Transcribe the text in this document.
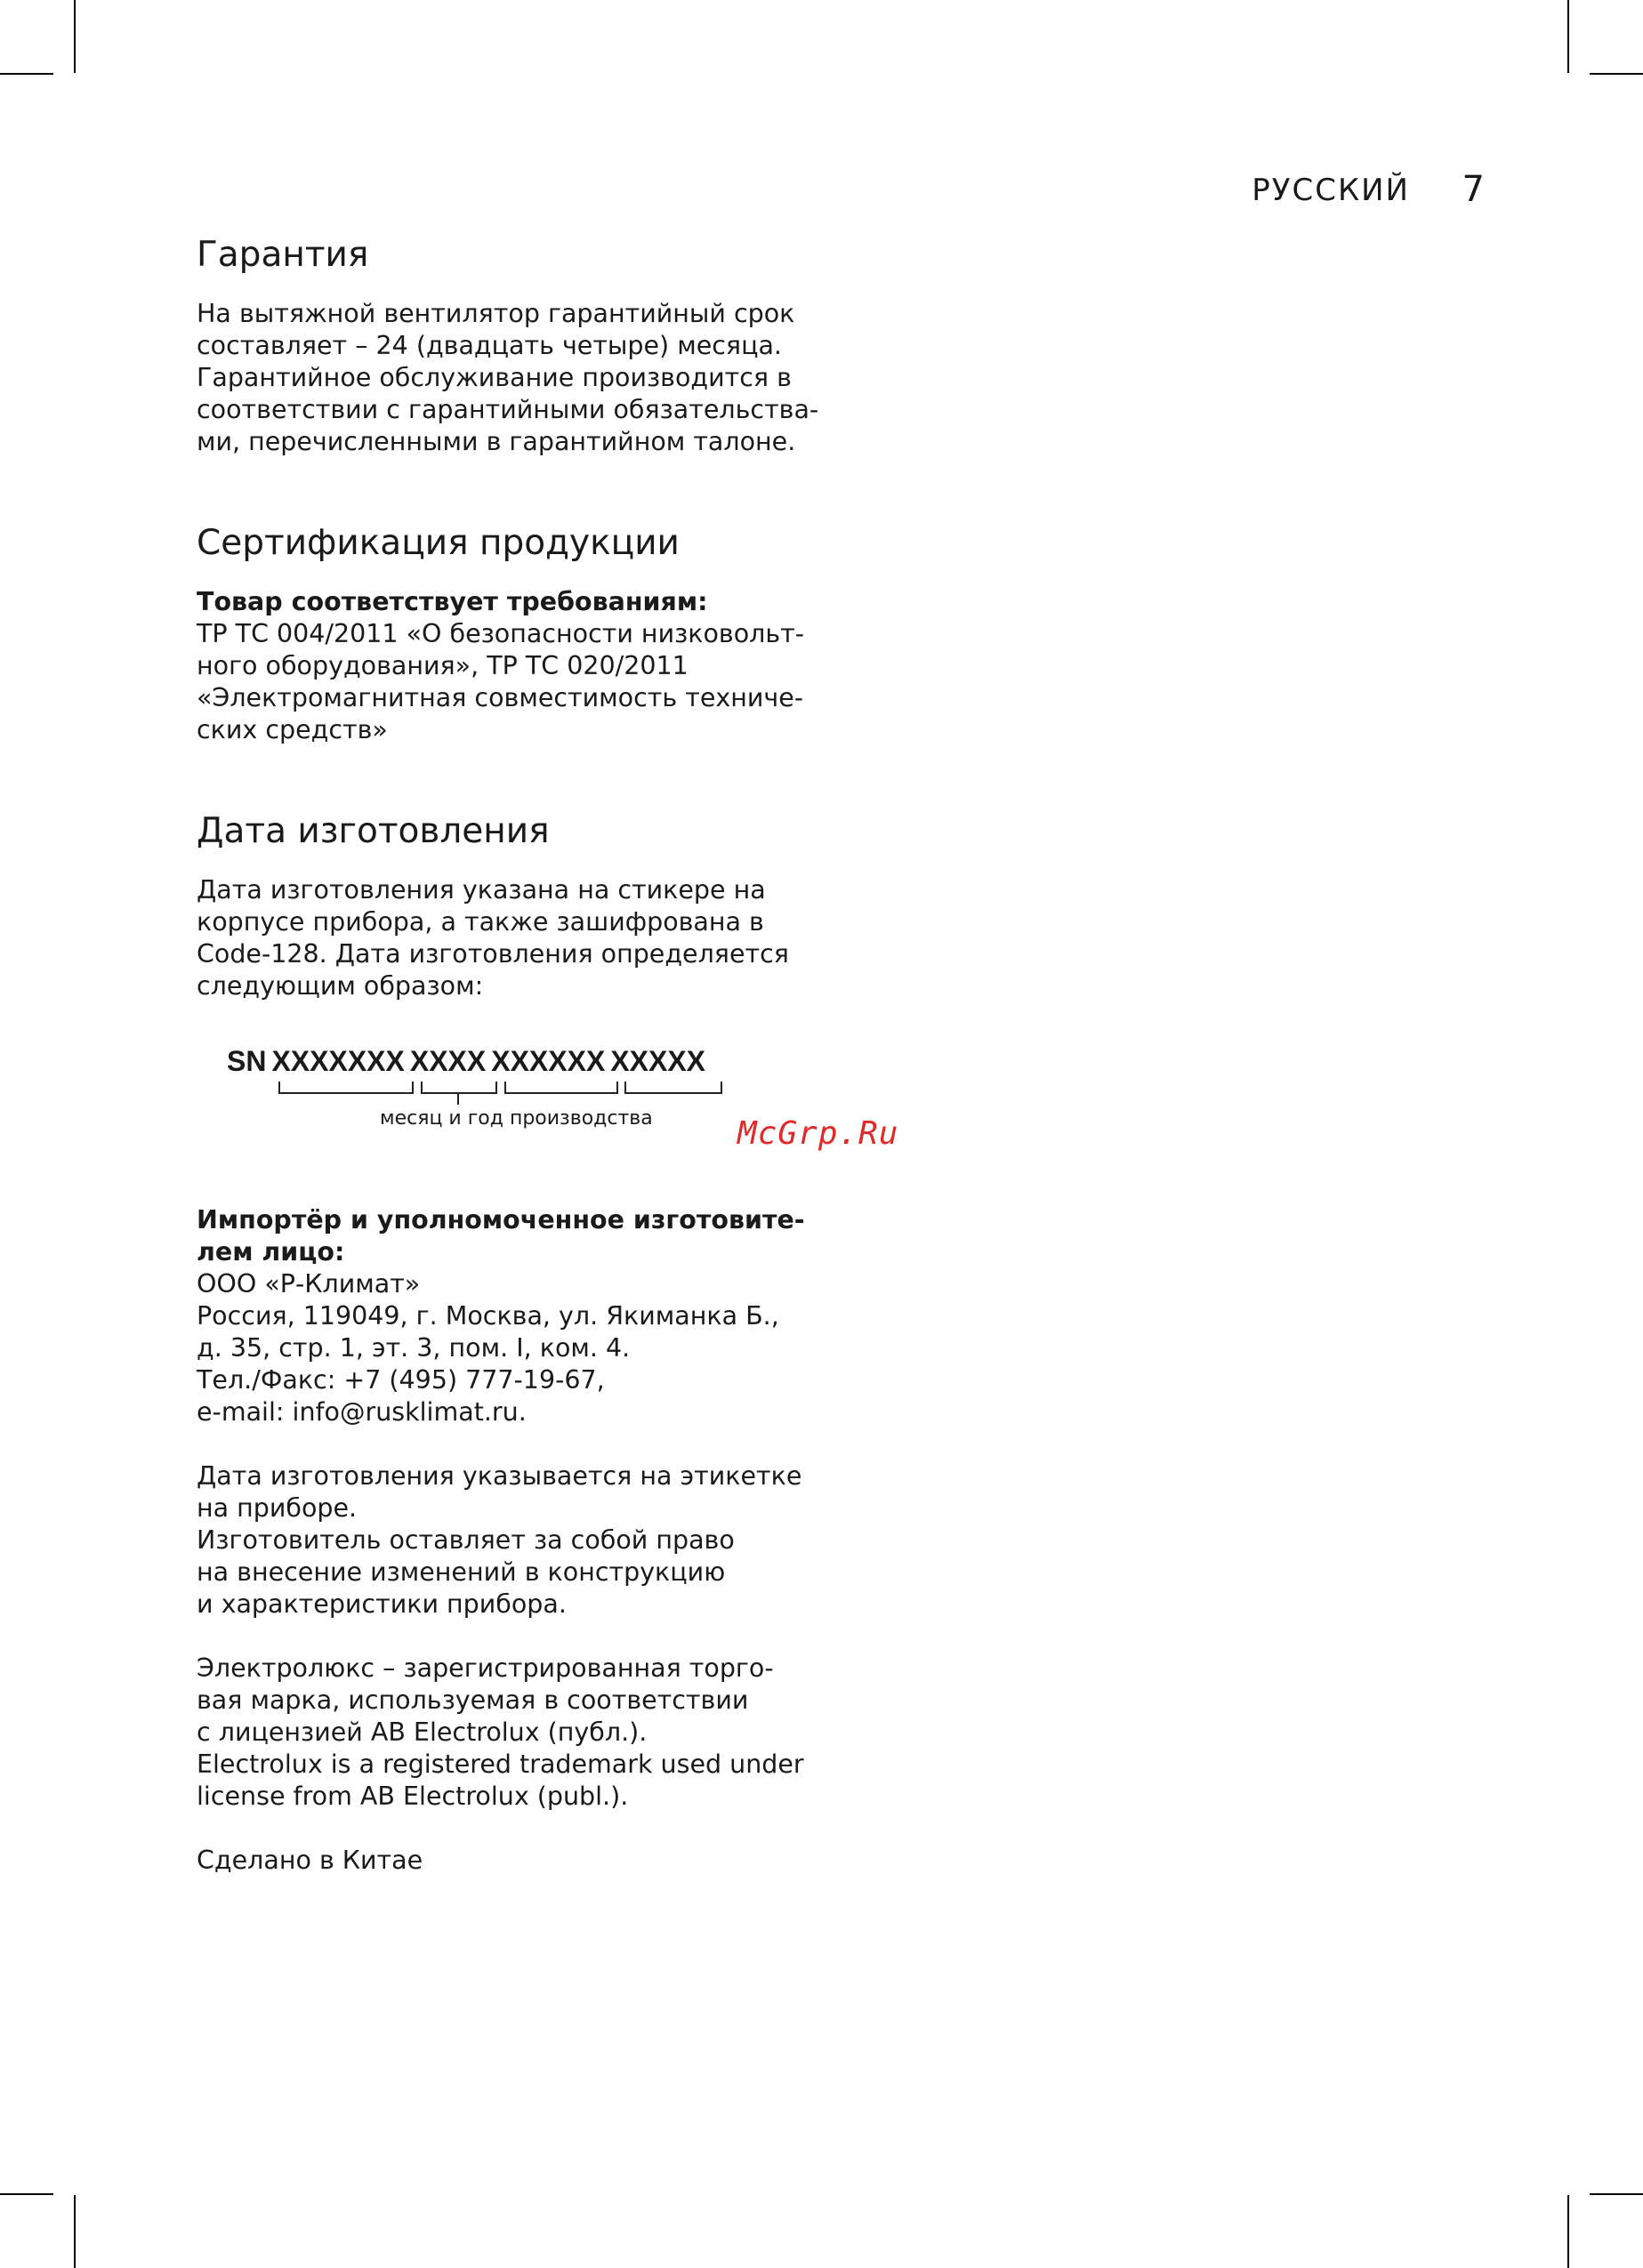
РУССКИЙ 7
Гарантия

На вытяжной вентилятор гарантийный срок
составляет – 24 (двадцать четыре) месяца.
Гарантийное обслуживание производится в
соответствии с гарантийными обязательства-
ми, перечисленными в гарантийном талоне.

Сертификация продукции

Товар соответствует требованиям:

ТР ТС 004/2011 «О безопасности низковольт-
ного оборудования», ТР ТС 020/2011
«Электромагнитная совместимость техниче-
ских средств»

Дата изготовления

Дата изготовления указана на стикере на
корпусе прибора, а также зашифрована в
Code-128. Дата изготовления определяется
следующим образом:

SN XXXXXXX XXXX XXXXXX XXXXX
месяц и год производства	McGrp.Ru

Импортёр и уполномоченное изготовите-
лем лицо:

ООО «Р-Климат»
Россия, 119049, г. Москва, ул. Якиманка Б.,
д. 35, стр. 1, эт. 3, пом. I, ком. 4.
Тел./Факс: +7 (495) 777-19-67,
e-mail: info@rusklimat.ru.

Дата изготовления указывается на этикетке
на приборе.
Изготовитель оставляет за собой право
на внесение изменений в конструкцию
и характеристики прибора.

Электролюкс – зарегистрированная торго-
вая марка, используемая в соответствии
с лицензией AB Electrolux (публ.).
Electrolux is a registered trademark used under
license from AB Electrolux (publ.).

Сделано в Китае
